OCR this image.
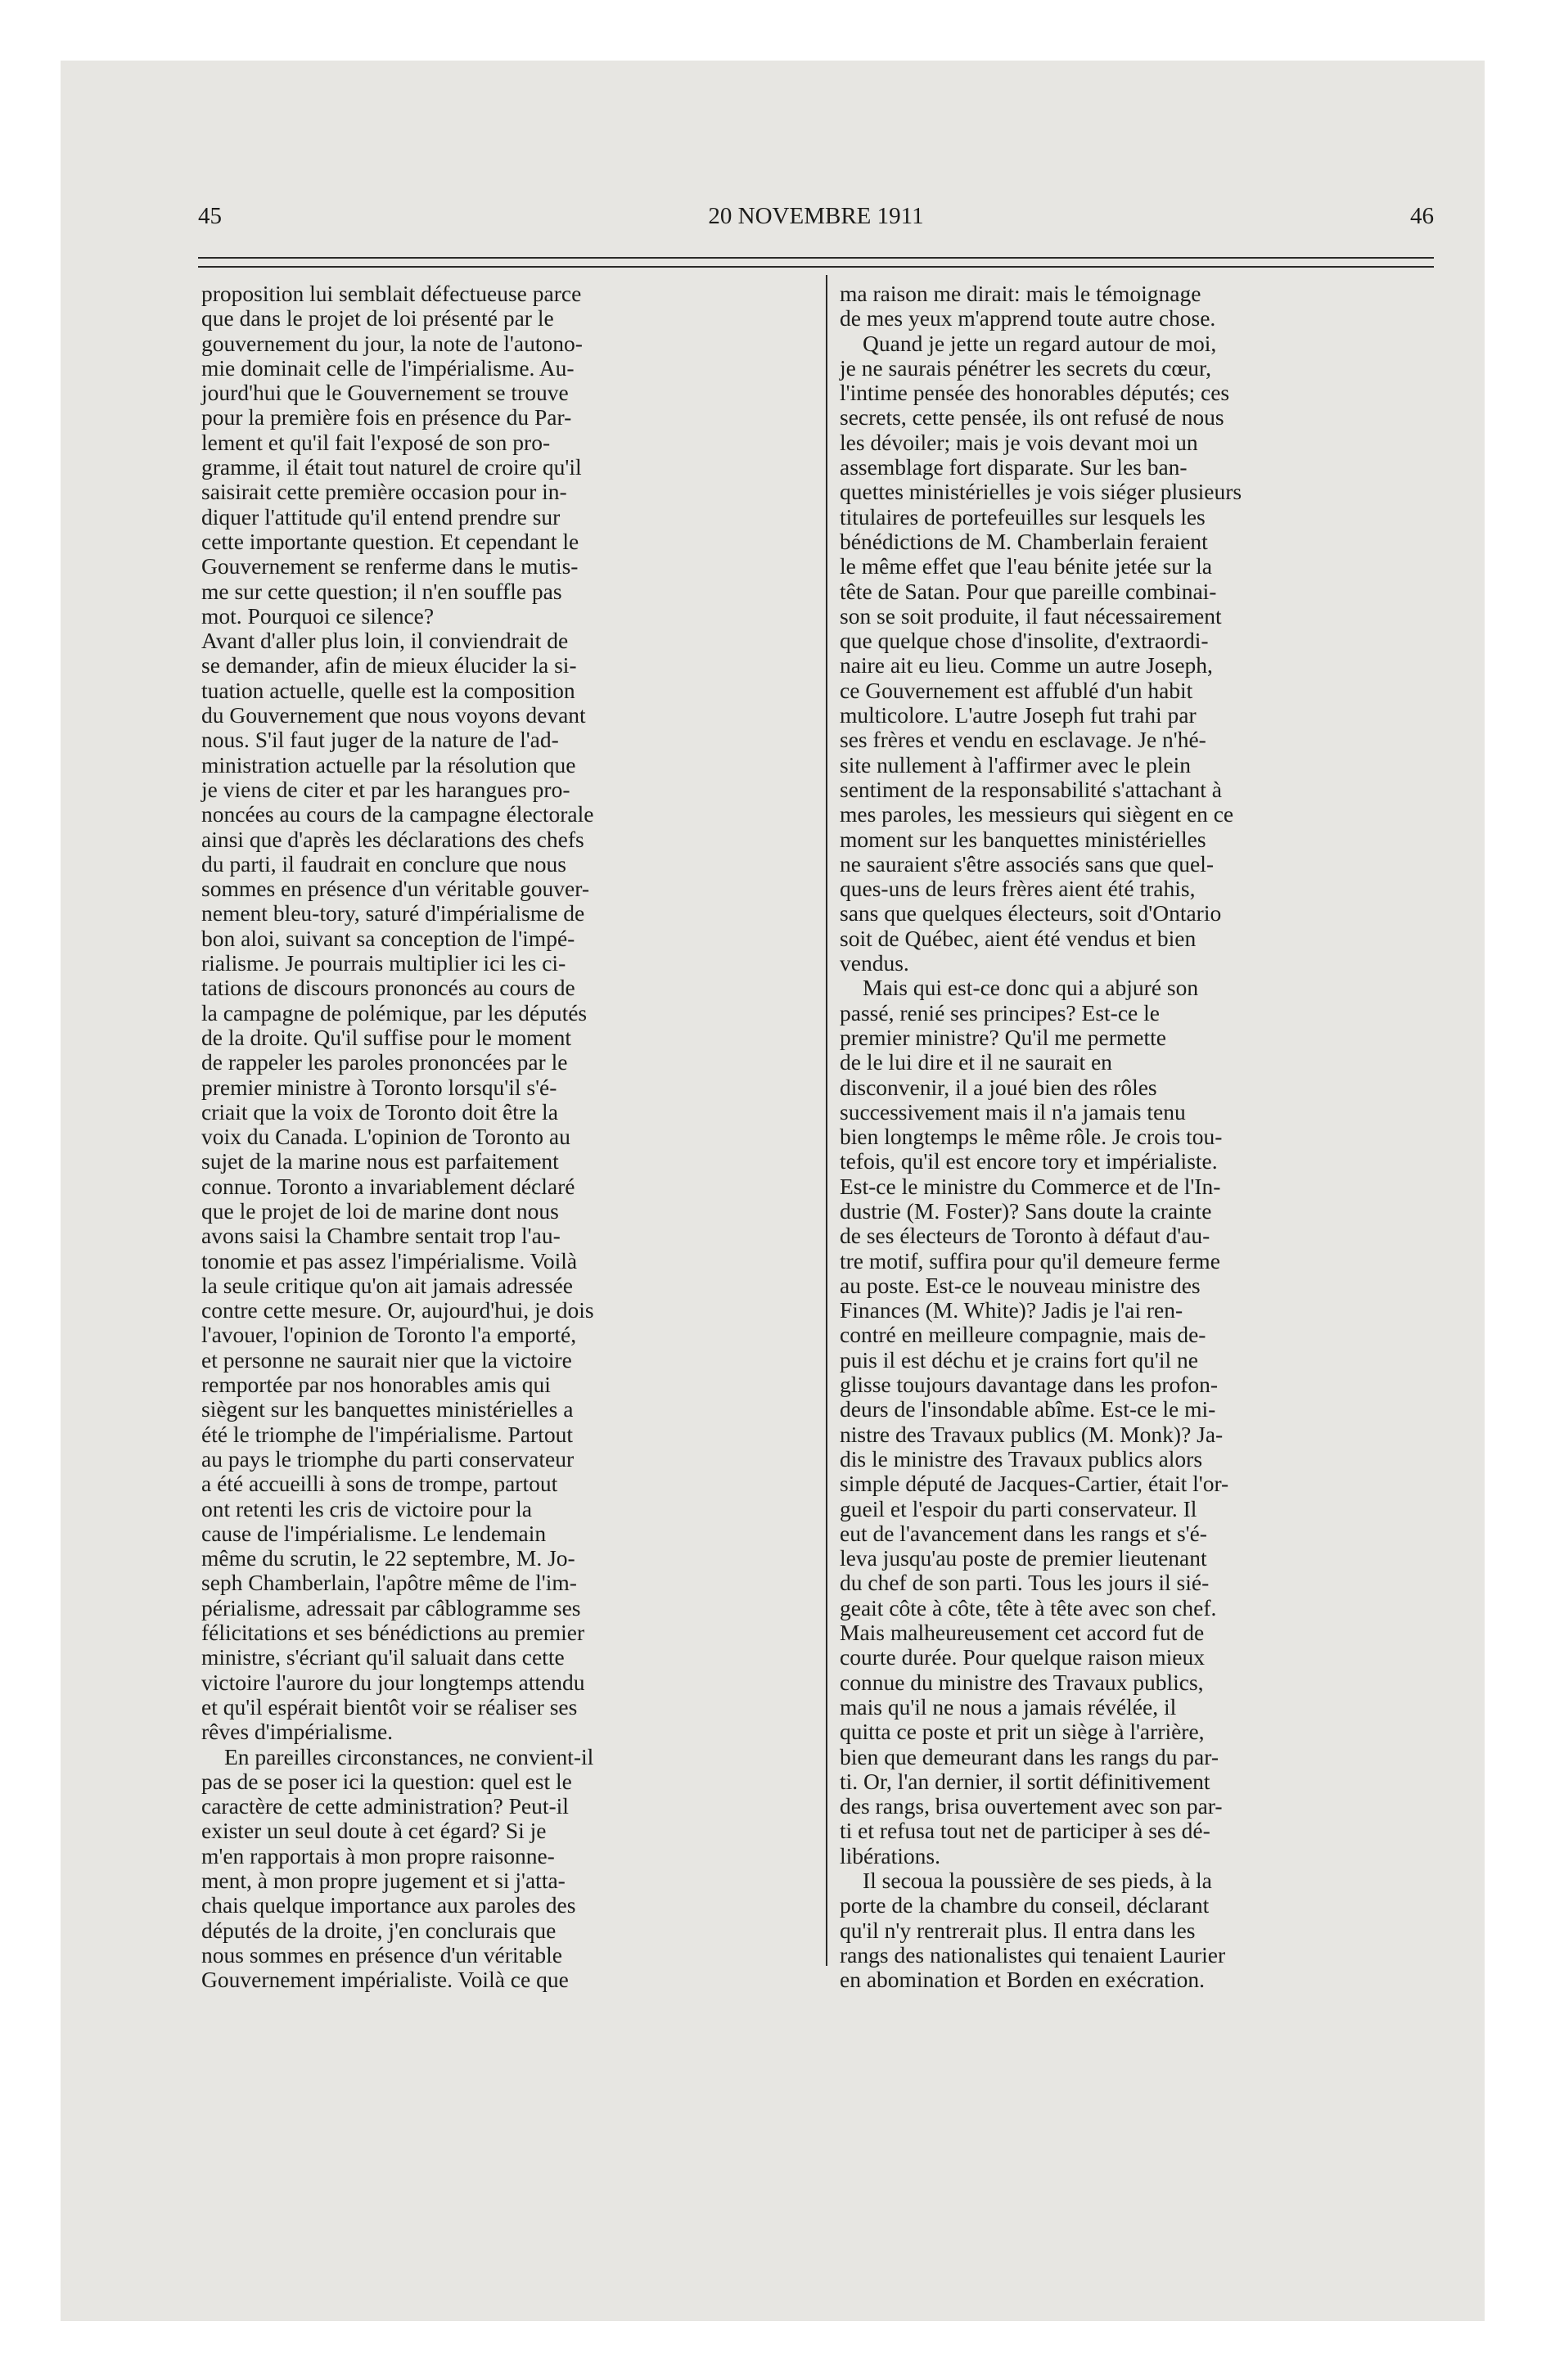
45	20 NOVEMBRE 1911	46

proposition lui semblait défectueuse parce
que dans le projet de loi présenté par le
gouvernement du jour, la note de l'autono-
mie dominait celle de l'impérialisme. Au-
jourd'hui que le Gouvernement se trouve
pour la première fois en présence du Par-
lement et qu'il fait l'exposé de son pro-
gramme, il était tout naturel de croire qu'il
saisirait cette première occasion pour in-
diquer l'attitude qu'il entend prendre sur
cette importante question. Et cependant le
Gouvernement se renferme dans le mutis-
me sur cette question; il n'en souffle pas
mot. Pourquoi ce silence?

Avant d'aller plus loin, il conviendrait de
se demander, afin de mieux élucider la si-
tuation actuelle, quelle est la composition
du Gouvernement que nous voyons devant
nous. S'il faut juger de la nature de l'ad-
ministration actuelle par la résolution que
je viens de citer et par les harangues pro-
noncées au cours de la campagne électorale
ainsi que d'après les déclarations des chefs
du parti, il faudrait en conclure que nous
sommes en présence d'un véritable gouver-
nement bleu-tory, saturé d'impérialisme de
bon aloi, suivant sa conception de l'impé-
rialisme. Je pourrais multiplier ici les ci-
tations de discours prononcés au cours de
la campagne de polémique, par les députés
de la droite. Qu'il suffise pour le moment
de rappeler les paroles prononcées par le
premier ministre à Toronto lorsqu'il s'é-
criait que la voix de Toronto doit être la
voix du Canada. L'opinion de Toronto au
sujet de la marine nous est parfaitement
connue. Toronto a invariablement déclaré
que le projet de loi de marine dont nous
avons saisi la Chambre sentait trop l'au-
tonomie et pas assez l'impérialisme. Voilà
la seule critique qu'on ait jamais adressée
contre cette mesure. Or, aujourd'hui, je dois
l'avouer, l'opinion de Toronto l'a emporté,
et personne ne saurait nier que la victoire
remportée par nos honorables amis qui
siègent sur les banquettes ministérielles a
été le triomphe de l'impérialisme. Partout
au pays le triomphe du parti conservateur
a été accueilli à sons de trompe, partout
ont retenti les cris de victoire pour la
cause de l'impérialisme. Le lendemain
même du scrutin, le 22 septembre, M. Jo-
seph Chamberlain, l'apôtre même de l'im-
périalisme, adressait par câblogramme ses
félicitations et ses bénédictions au premier
ministre, s'écriant qu'il saluait dans cette
victoire l'aurore du jour longtemps attendu
et qu'il espérait bientôt voir se réaliser ses
rêves d'impérialisme.

En pareilles circonstances, ne convient-il
pas de se poser ici la question: quel est le
caractère de cette administration? Peut-il
exister un seul doute à cet égard? Si je
m'en rapportais à mon propre raisonne-
ment, à mon propre jugement et si j'atta-
chais quelque importance aux paroles des
députés de la droite, j'en conclurais que
nous sommes en présence d'un véritable
Gouvernement impérialiste. Voilà ce que

ma raison me dirait: mais le témoignage
de mes yeux m'apprend toute autre chose.

Quand je jette un regard autour de moi,
je ne saurais pénétrer les secrets du cœur,
l'intime pensée des honorables députés; ces
secrets, cette pensée, ils ont refusé de nous
les dévoiler; mais je vois devant moi un
assemblage fort disparate. Sur les ban-
quettes ministérielles je vois siéger plusieurs
titulaires de portefeuilles sur lesquels les
bénédictions de M. Chamberlain feraient
le même effet que l'eau bénite jetée sur la
tête de Satan. Pour que pareille combinai-
son se soit produite, il faut nécessairement
que quelque chose d'insolite, d'extraordi-
naire ait eu lieu. Comme un autre Joseph,
ce Gouvernement est affublé d'un habit
multicolore. L'autre Joseph fut trahi par
ses frères et vendu en esclavage. Je n'hé-
site nullement à l'affirmer avec le plein
sentiment de la responsabilité s'attachant à
mes paroles, les messieurs qui siègent en ce
moment sur les banquettes ministérielles
ne sauraient s'être associés sans que quel-
ques-uns de leurs frères aient été trahis,
sans que quelques électeurs, soit d'Ontario
soit de Québec, aient été vendus et bien
vendus.

Mais qui est-ce donc qui a abjuré son
passé, renié ses principes? Est-ce le
premier ministre? Qu'il me permette
de le lui dire et il ne saurait en
disconvenir, il a joué bien des rôles
successivement mais il n'a jamais tenu
bien longtemps le même rôle. Je crois tou-
tefois, qu'il est encore tory et impérialiste.
Est-ce le ministre du Commerce et de l'In-
dustrie (M. Foster)? Sans doute la crainte
de ses électeurs de Toronto à défaut d'au-
tre motif, suffira pour qu'il demeure ferme
au poste. Est-ce le nouveau ministre des
Finances (M. White)? Jadis je l'ai ren-
contré en meilleure compagnie, mais de-
puis il est déchu et je crains fort qu'il ne
glisse toujours davantage dans les profon-
deurs de l'insondable abîme. Est-ce le mi-
nistre des Travaux publics (M. Monk)? Ja-
dis le ministre des Travaux publics alors
simple député de Jacques-Cartier, était l'or-
gueil et l'espoir du parti conservateur. Il
eut de l'avancement dans les rangs et s'é-
leva jusqu'au poste de premier lieutenant
du chef de son parti. Tous les jours il sié-
geait côte à côte, tête à tête avec son chef.
Mais malheureusement cet accord fut de
courte durée. Pour quelque raison mieux
connue du ministre des Travaux publics,
mais qu'il ne nous a jamais révélée, il
quitta ce poste et prit un siège à l'arrière,
bien que demeurant dans les rangs du par-
ti. Or, l'an dernier, il sortit définitivement
des rangs, brisa ouvertement avec son par-
ti et refusa tout net de participer à ses dé-
libérations.

Il secoua la poussière de ses pieds, à la
porte de la chambre du conseil, déclarant
qu'il n'y rentrerait plus. Il entra dans les
rangs des nationalistes qui tenaient Laurier
en abomination et Borden en exécration.
